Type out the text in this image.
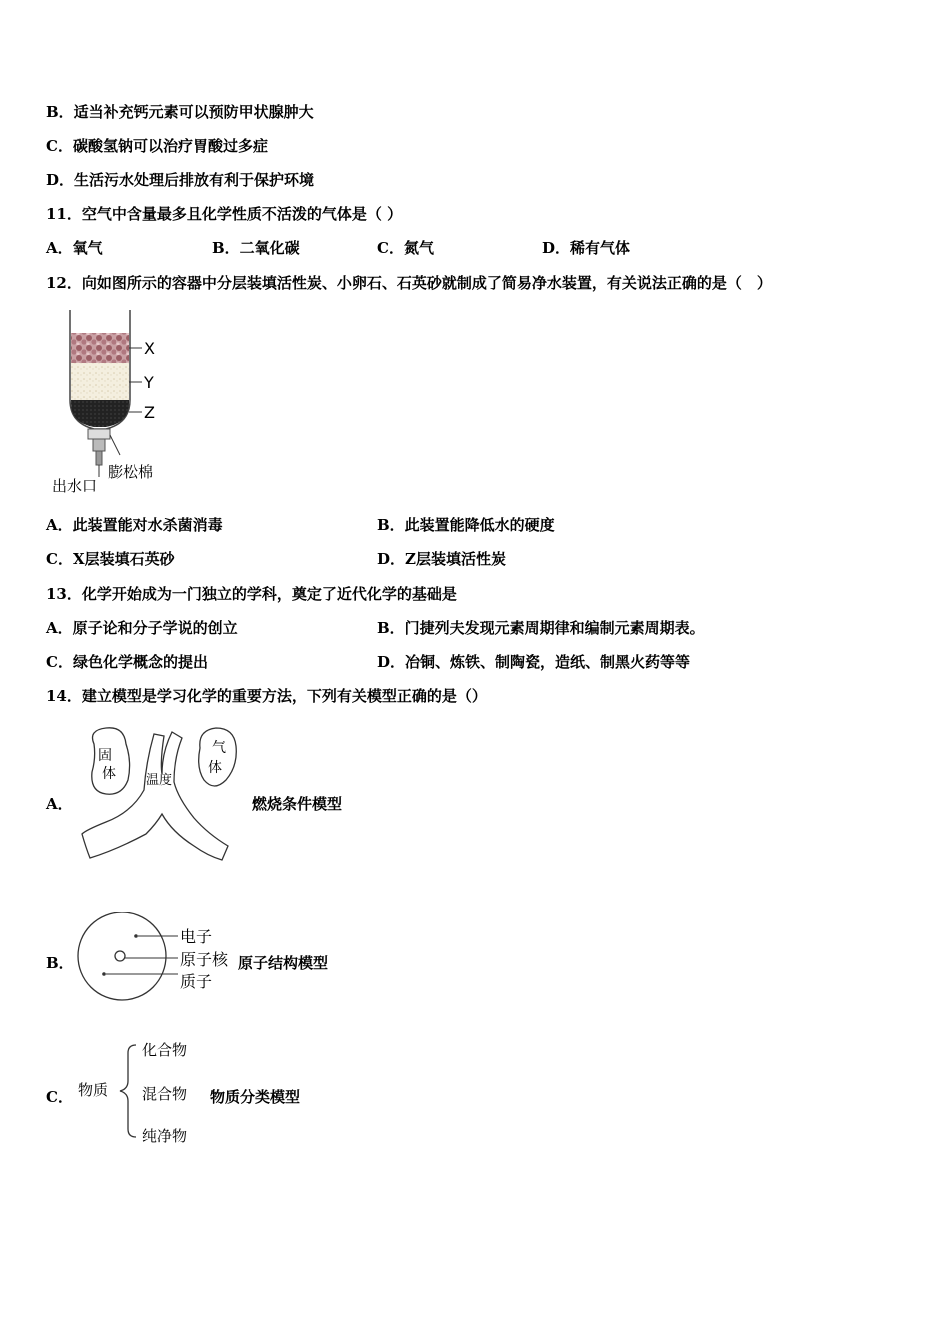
B．适当补充钙元素可以预防甲状腺肿大
C．碳酸氢钠可以治疗胃酸过多症
D．生活污水处理后排放有利于保护环境
11．空气中含量最多且化学性质不活泼的气体是（ ）
A．氧气	B．二氧化碳	C．氮气	D．稀有气体
12．向如图所示的容器中分层装填活性炭、小卵石、石英砂就制成了简易净水装置，有关说法正确的是（　）
X
Y
Z
膨松棉
出水口
A．此装置能对水杀菌消毒	B．此装置能降低水的硬度
C．X层装填石英砂	D．Z层装填活性炭
13．化学开始成为一门独立的学科，奠定了近代化学的基础是
A．原子论和分子学说的创立	B．门捷列夫发现元素周期律和编制元素周期表。
C．绿色化学概念的提出	D．冶铜、炼铁、制陶瓷，造纸、制黑火药等等
14．建立模型是学习化学的重要方法，下列有关模型正确的是（）
A．
固
体
气
体
温度
燃烧条件模型
B．
电子
原子核
质子
原子结构模型
C． 物质
化合物
混合物
纯净物
物质分类模型
